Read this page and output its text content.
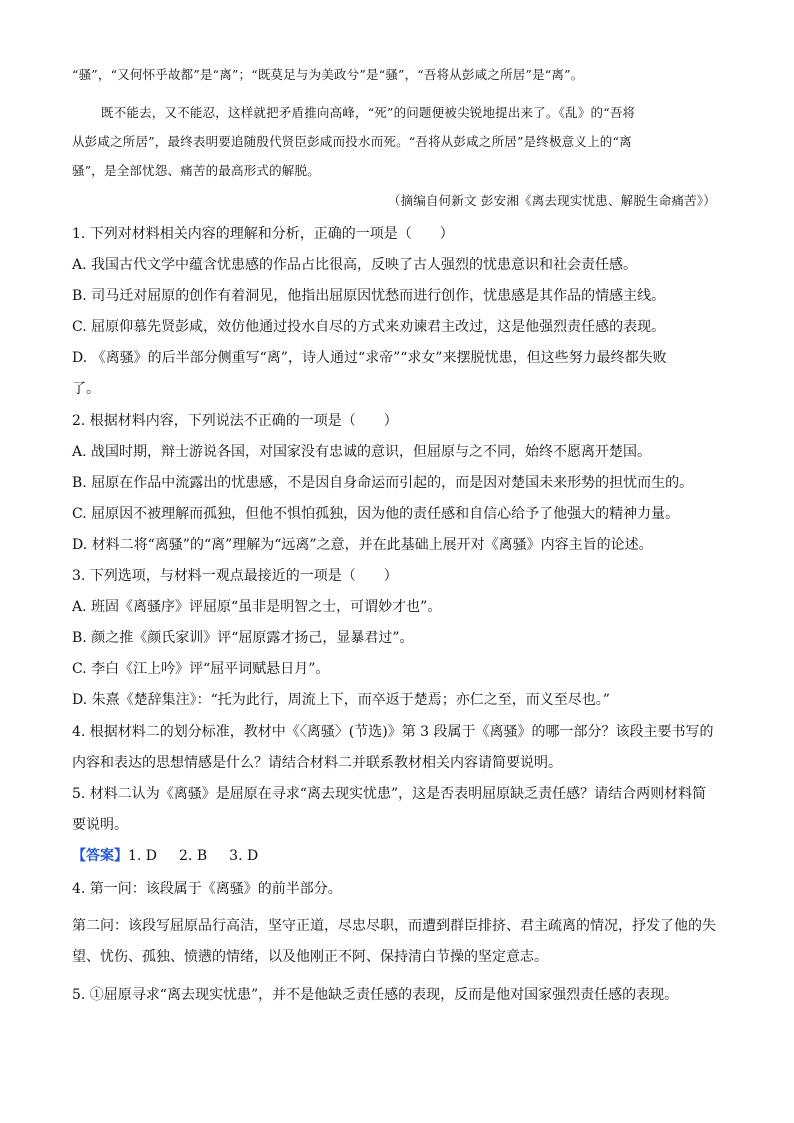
“骚”，“又何怀乎故都”是“离”；“既莫足与为美政兮”是“骚”，“吾将从彭咸之所居”是“离”。
既不能去，又不能忍，这样就把矛盾推向高峰，“死”的问题便被尖锐地提出来了。《乱》的“吾将
从彭咸之所居”，最终表明要追随殷代贤臣彭咸而投水而死。“吾将从彭咸之所居”是终极意义上的“离
骚”，是全部忧怨、痛苦的最高形式的解脱。
（摘编自何新文 彭安湘《离去现实忧患、解脱生命痛苦》）
1. 下列对材料相关内容的理解和分析，正确的一项是（　　）
A. 我国古代文学中蕴含忧患感的作品占比很高，反映了古人强烈的忧患意识和社会责任感。
B. 司马迁对屈原的创作有着洞见，他指出屈原因忧愁而进行创作，忧患感是其作品的情感主线。
C. 屈原仰慕先贤彭咸，效仿他通过投水自尽的方式来劝谏君主改过，这是他强烈责任感的表现。
D. 《离骚》的后半部分侧重写“离”，诗人通过“求帝”“求女”来摆脱忧患，但这些努力最终都失败
了。
2. 根据材料内容，下列说法不正确的一项是（　　）
A. 战国时期，辩士游说各国，对国家没有忠诚的意识，但屈原与之不同，始终不愿离开楚国。
B. 屈原在作品中流露出的忧患感，不是因自身命运而引起的，而是因对楚国未来形势的担忧而生的。
C. 屈原因不被理解而孤独，但他不惧怕孤独，因为他的责任感和自信心给予了他强大的精神力量。
D. 材料二将“离骚”的“离”理解为“远离”之意，并在此基础上展开对《离骚》内容主旨的论述。
3. 下列选项，与材料一观点最接近的一项是（　　）
A. 班固《离骚序》评屈原“虽非是明智之士，可谓妙才也”。
B. 颜之推《颜氏家训》评“屈原露才扬己，显暴君过”。
C. 李白《江上吟》评“屈平词赋悬日月”。
D. 朱熹《楚辞集注》：“托为此行，周流上下，而卒返于楚焉；亦仁之至，而义至尽也。”
4. 根据材料二的划分标准，教材中《〈离骚〉(节选)》第 3 段属于《离骚》的哪一部分？该段主要书写的
内容和表达的思想情感是什么？请结合材料二并联系教材相关内容请简要说明。
5. 材料二认为《离骚》是屈原在寻求“离去现实忧患”，这是否表明屈原缺乏责任感？请结合两则材料简
要说明。
【答案】1. D 2. B 3. D
4. 第一问：该段属于《离骚》的前半部分。
第二问：该段写屈原品行高洁，坚守正道，尽忠尽职，而遭到群臣排挤、君主疏离的情况，抒发了他的失
望、忧伤、孤独、愤懑的情绪，以及他刚正不阿、保持清白节操的坚定意志。
5. ①屈原寻求“离去现实忧患”，并不是他缺乏责任感的表现，反而是他对国家强烈责任感的表现。
